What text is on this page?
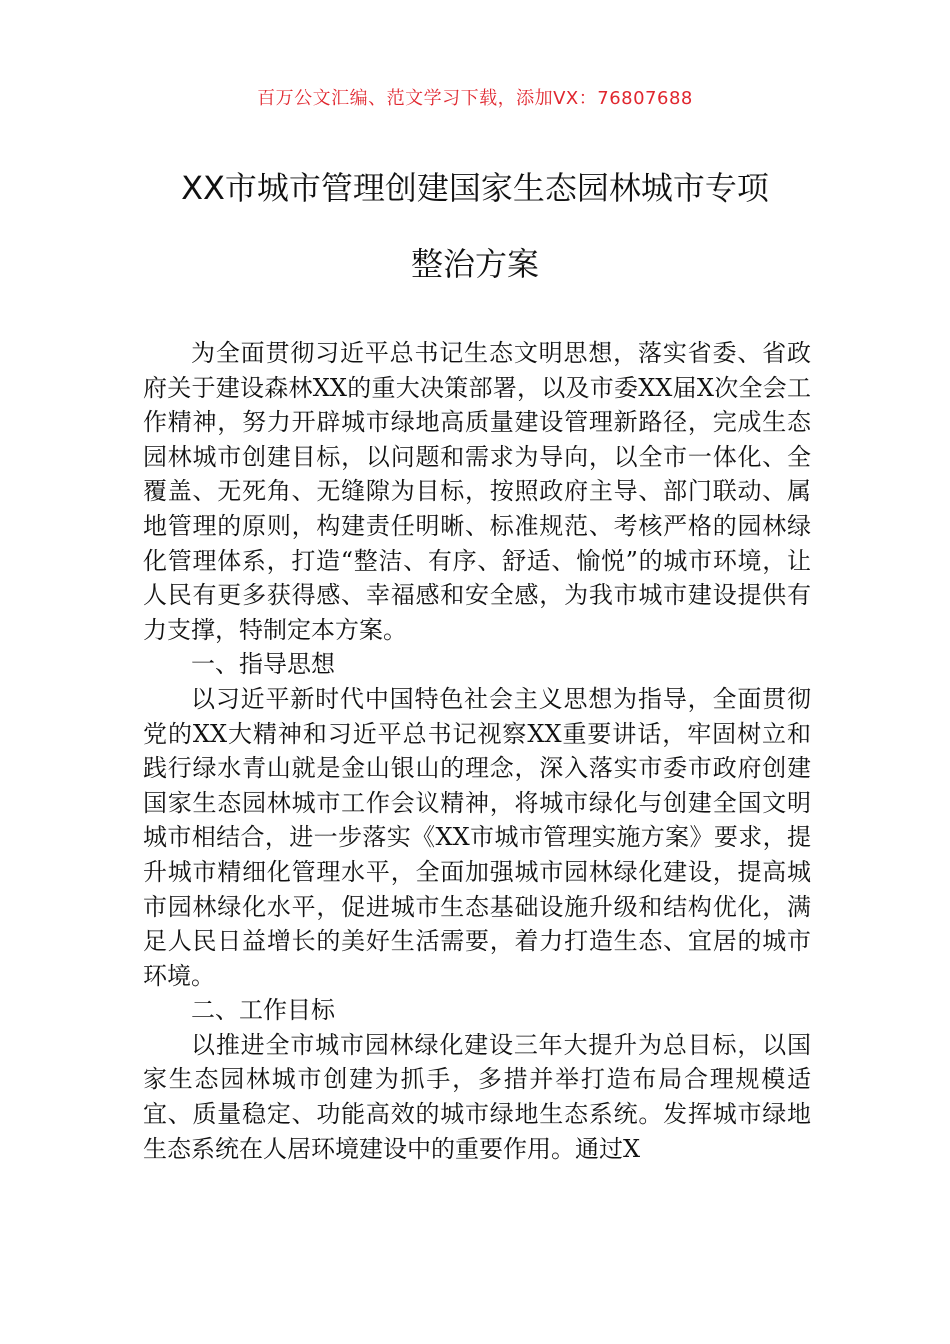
百万公文汇编、范文学习下载，添加VX：76807688
XX市城市管理创建国家生态园林城市专项
整治方案

为全面贯彻习近平总书记生态文明思想，落实省委、省政府关于建设森林XX的重大决策部署，以及市委XX届X次全会工作精神，努力开辟城市绿地高质量建设管理新路径，完成生态园林城市创建目标，以问题和需求为导向，以全市一体化、全覆盖、无死角、无缝隙为目标，按照政府主导、部门联动、属地管理的原则，构建责任明晰、标准规范、考核严格的园林绿化管理体系，打造“整洁、有序、舒适、愉悦”的城市环境，让人民有更多获得感、幸福感和安全感，为我市城市建设提供有力支撑，特制定本方案。

一、指导思想

以习近平新时代中国特色社会主义思想为指导，全面贯彻党的XX大精神和习近平总书记视察XX重要讲话，牢固树立和践行绿水青山就是金山银山的理念，深入落实市委市政府创建国家生态园林城市工作会议精神，将城市绿化与创建全国文明城市相结合，进一步落实《XX市城市管理实施方案》要求，提升城市精细化管理水平，全面加强城市园林绿化建设，提高城市园林绿化水平，促进城市生态基础设施升级和结构优化，满足人民日益增长的美好生活需要，着力打造生态、宜居的城市环境。

二、工作目标

以推进全市城市园林绿化建设三年大提升为总目标，以国家生态园林城市创建为抓手，多措并举打造布局合理规模适宜、质量稳定、功能高效的城市绿地生态系统。发挥城市绿地生态系统在人居环境建设中的重要作用。通过X
